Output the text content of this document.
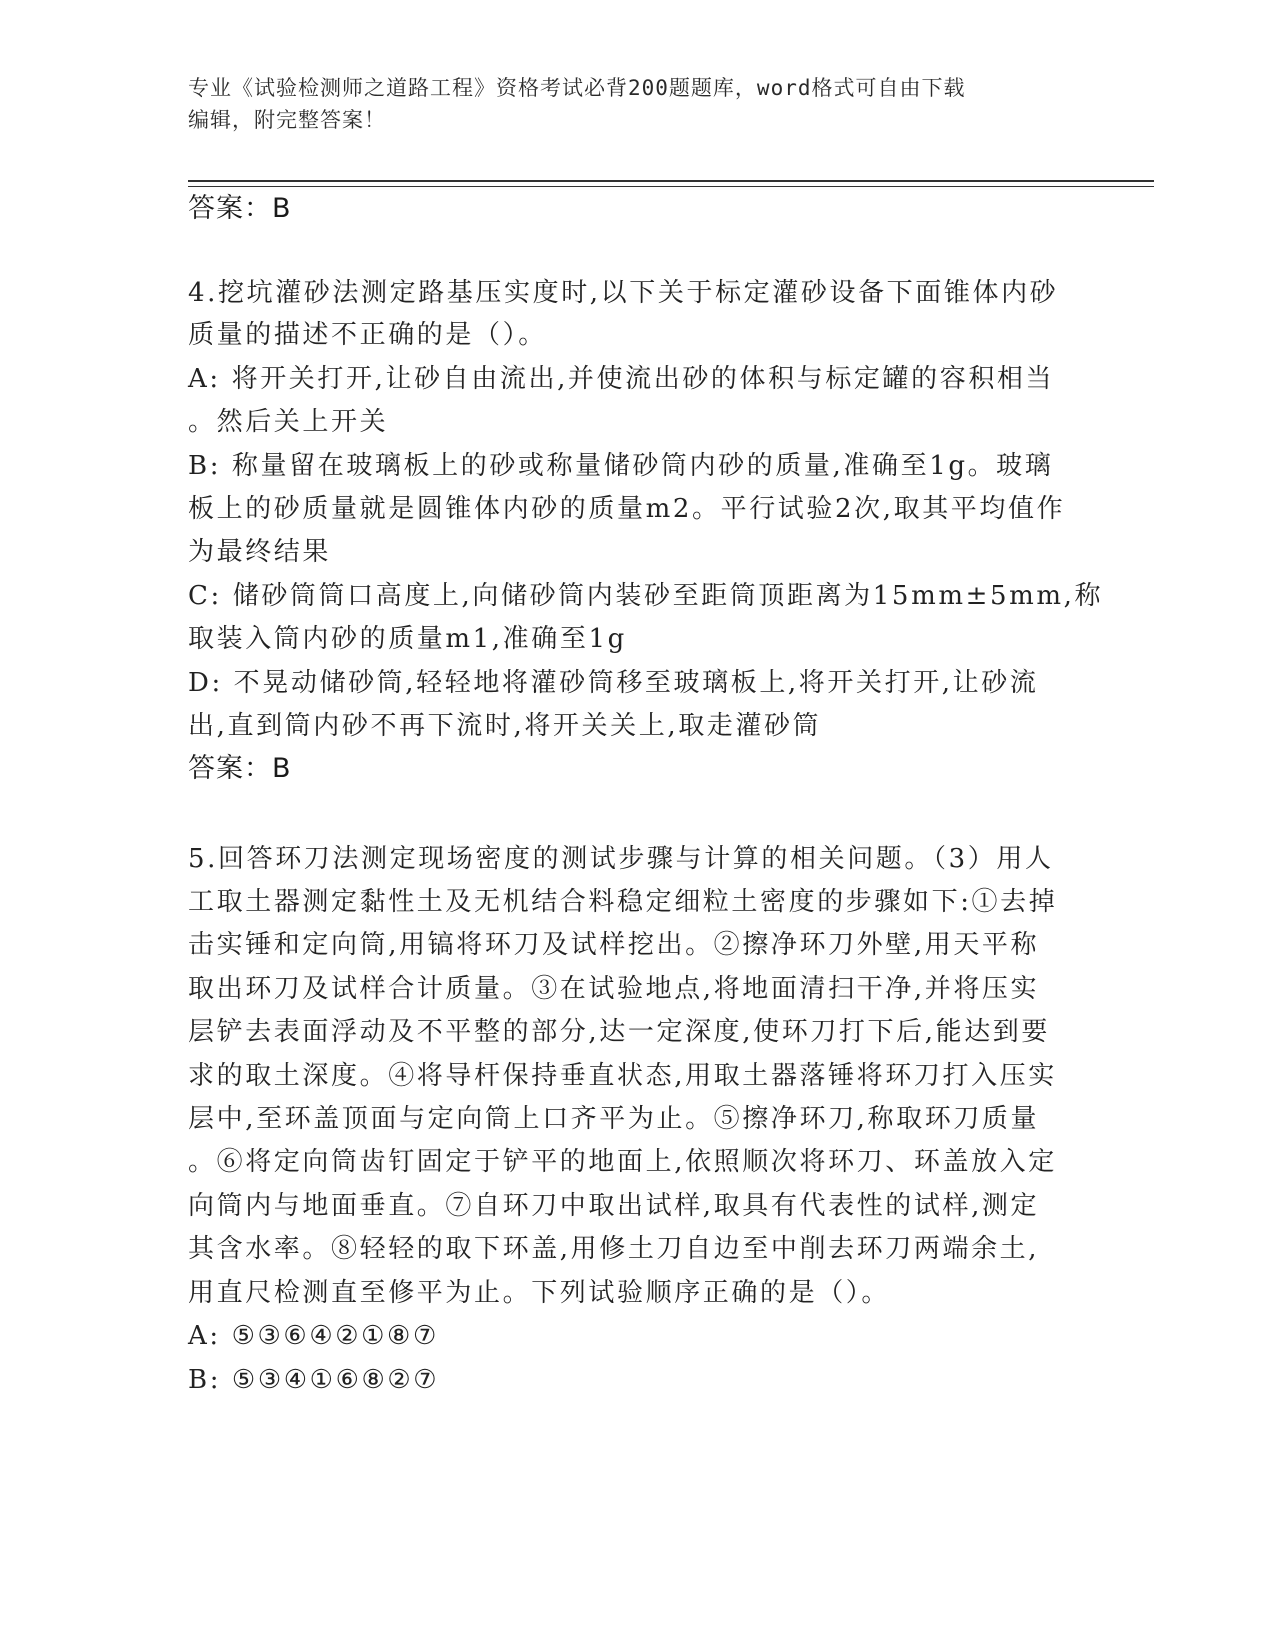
专业《试验检测师之道路工程》资格考试必背200题题库，word格式可自由下载
编辑，附完整答案！
答案：B
4.挖坑灌砂法测定路基压实度时,以下关于标定灌砂设备下面锥体内砂
质量的描述不正确的是（）。
A: 将开关打开,让砂自由流出,并使流出砂的体积与标定罐的容积相当
。然后关上开关
B: 称量留在玻璃板上的砂或称量储砂筒内砂的质量,准确至1g。玻璃
板上的砂质量就是圆锥体内砂的质量m2。平行试验2次,取其平均值作
为最终结果
C: 储砂筒筒口高度上,向储砂筒内装砂至距筒顶距离为15mm±5mm,称
取装入筒内砂的质量m1,准确至1g
D: 不晃动储砂筒,轻轻地将灌砂筒移至玻璃板上,将开关打开,让砂流
出,直到筒内砂不再下流时,将开关关上,取走灌砂筒
答案：B
5.回答环刀法测定现场密度的测试步骤与计算的相关问题。（3）用人
工取土器测定黏性土及无机结合料稳定细粒土密度的步骤如下:①去掉
击实锤和定向筒,用镐将环刀及试样挖出。②擦净环刀外壁,用天平称
取出环刀及试样合计质量。③在试验地点,将地面清扫干净,并将压实
层铲去表面浮动及不平整的部分,达一定深度,使环刀打下后,能达到要
求的取土深度。④将导杆保持垂直状态,用取土器落锤将环刀打入压实
层中,至环盖顶面与定向筒上口齐平为止。⑤擦净环刀,称取环刀质量
。⑥将定向筒齿钉固定于铲平的地面上,依照顺次将环刀、环盖放入定
向筒内与地面垂直。⑦自环刀中取出试样,取具有代表性的试样,测定
其含水率。⑧轻轻的取下环盖,用修土刀自边至中削去环刀两端余土,
用直尺检测直至修平为止。下列试验顺序正确的是（）。
A: ⑤③⑥④②①⑧⑦
B: ⑤③④①⑥⑧②⑦
